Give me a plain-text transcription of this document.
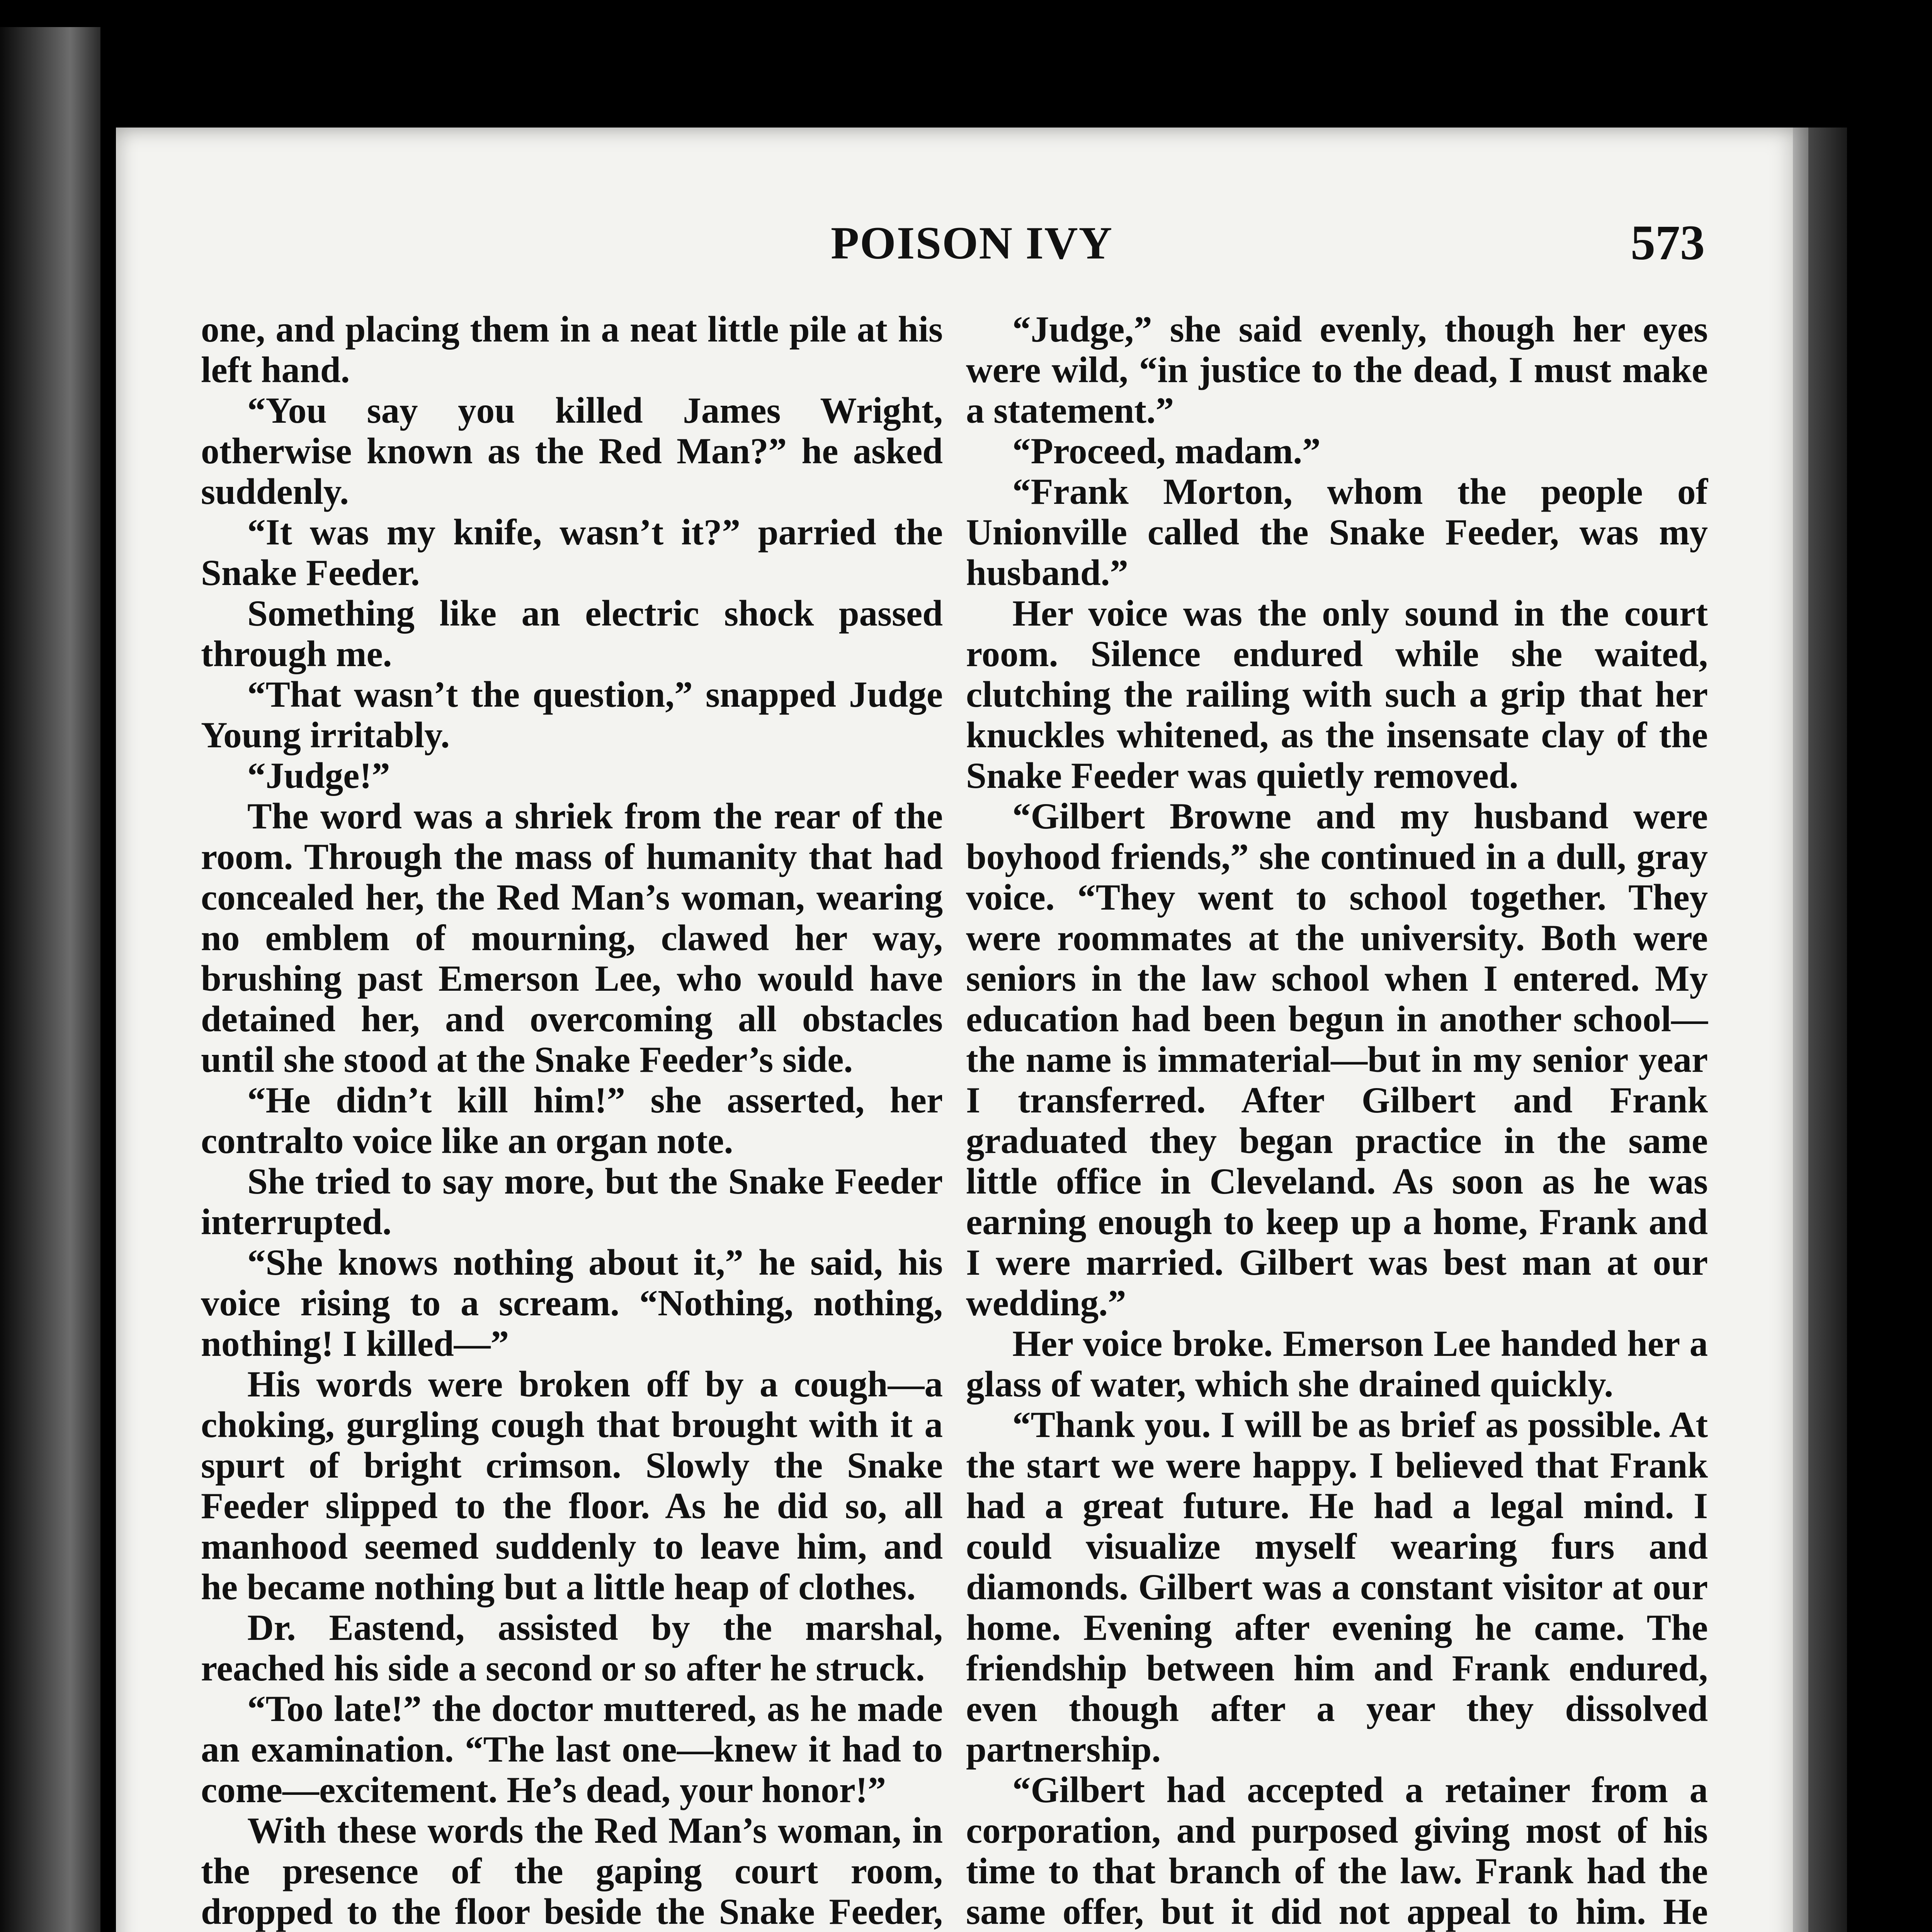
POISON IVY	573

one, and placing them in a neat little pile at his left hand.

“You say you killed James Wright, otherwise known as the Red Man?” he asked suddenly.

“It was my knife, wasn’t it?” parried the Snake Feeder.

Something like an electric shock passed through me.

“That wasn’t the question,” snapped Judge Young irritably.

“Judge!”

The word was a shriek from the rear of the room. Through the mass of humanity that had concealed her, the Red Man’s woman, wearing no emblem of mourning, clawed her way, brushing past Emerson Lee, who would have detained her, and overcoming all obstacles until she stood at the Snake Feeder’s side.

“He didn’t kill him!” she asserted, her contralto voice like an organ note.

She tried to say more, but the Snake Feeder interrupted.

“She knows nothing about it,” he said, his voice rising to a scream. “Nothing, nothing, nothing! I killed—”

His words were broken off by a cough—a choking, gurgling cough that brought with it a spurt of bright crimson. Slowly the Snake Feeder slipped to the floor. As he did so, all manhood seemed suddenly to leave him, and he became nothing but a little heap of clothes.

Dr. Eastend, assisted by the marshal, reached his side a second or so after he struck.

“Too late!” the doctor muttered, as he made an examination. “The last one—knew it had to come—excitement. He’s dead, your honor!”

With these words the Red Man’s woman, in the presence of the gaping court room, dropped to the floor beside the Snake Feeder,

“Judge,” she said evenly, though her eyes were wild, “in justice to the dead, I must make a statement.”

“Proceed, madam.”

“Frank Morton, whom the people of Unionville called the Snake Feeder, was my husband.”

Her voice was the only sound in the court room. Silence endured while she waited, clutching the railing with such a grip that her knuckles whitened, as the insensate clay of the Snake Feeder was quietly removed.

“Gilbert Browne and my husband were boyhood friends,” she continued in a dull, gray voice. “They went to school together. They were roommates at the university. Both were seniors in the law school when I entered. My education had been begun in another school—the name is immaterial—but in my senior year I transferred. After Gilbert and Frank graduated they began practice in the same little office in Cleveland. As soon as he was earning enough to keep up a home, Frank and I were married. Gilbert was best man at our wedding.”

Her voice broke. Emerson Lee handed her a glass of water, which she drained quickly.

“Thank you. I will be as brief as possible. At the start we were happy. I believed that Frank had a great future. He had a legal mind. I could visualize myself wearing furs and diamonds. Gilbert was a constant visitor at our home. Evening after evening he came. The friendship between him and Frank endured, even though after a year they dissolved partnership.

“Gilbert had accepted a retainer from a corporation, and purposed giving most of his time to that branch of the law. Frank had the same offer, but it did not appeal to him. He
